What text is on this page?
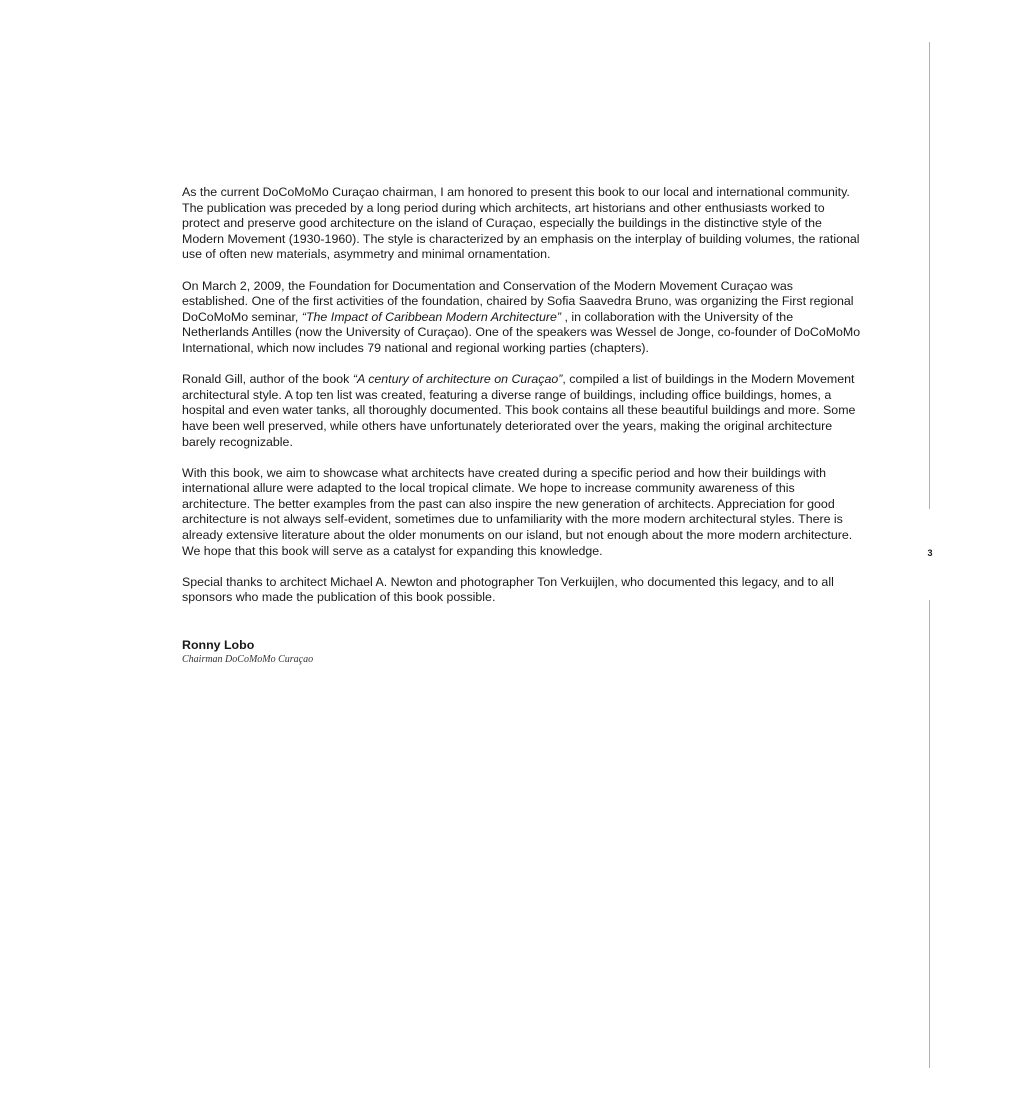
As the current DoCoMoMo Curaçao chairman, I am honored to present this book to our local and international community. The publication was preceded by a long period during which architects, art historians and other enthusiasts worked to protect and preserve good architecture on the island of Curaçao, especially the buildings in the distinctive style of the Modern Movement (1930-1960). The style is characterized by an emphasis on the interplay of building volumes, the rational use of often new materials, asymmetry and minimal ornamentation.

On March 2, 2009, the Foundation for Documentation and Conservation of the Modern Movement Curaçao was established. One of the first activities of the foundation, chaired by Sofia Saavedra Bruno, was organizing the First regional DoCoMoMo seminar, “The Impact of Caribbean Modern Architecture” , in collaboration with the University of the Netherlands Antilles (now the University of Curaçao). One of the speakers was Wessel de Jonge, co-founder of DoCoMoMo International, which now includes 79 national and regional working parties (chapters).

Ronald Gill, author of the book “A century of architecture on Curaçao”, compiled a list of buildings in the Modern Movement architectural style. A top ten list was created, featuring a diverse range of buildings, including office buildings, homes, a hospital and even water tanks, all thoroughly documented. This book contains all these beautiful buildings and more. Some have been well preserved, while others have unfortunately deteriorated over the years, making the original architecture barely recognizable.

With this book, we aim to showcase what architects have created during a specific period and how their buildings with international allure were adapted to the local tropical climate. We hope to increase community awareness of this architecture. The better examples from the past can also inspire the new generation of architects. Appreciation for good architecture is not always self-evident, sometimes due to unfamiliarity with the more modern architectural styles. There is already extensive literature about the older monuments on our island, but not enough about the more modern architecture. We hope that this book will serve as a catalyst for expanding this knowledge.

Special thanks to architect Michael A. Newton and photographer Ton Verkuijlen, who documented this legacy, and to all sponsors who made the publication of this book possible.

Ronny Lobo
Chairman DoCoMoMo Curaçao
3
